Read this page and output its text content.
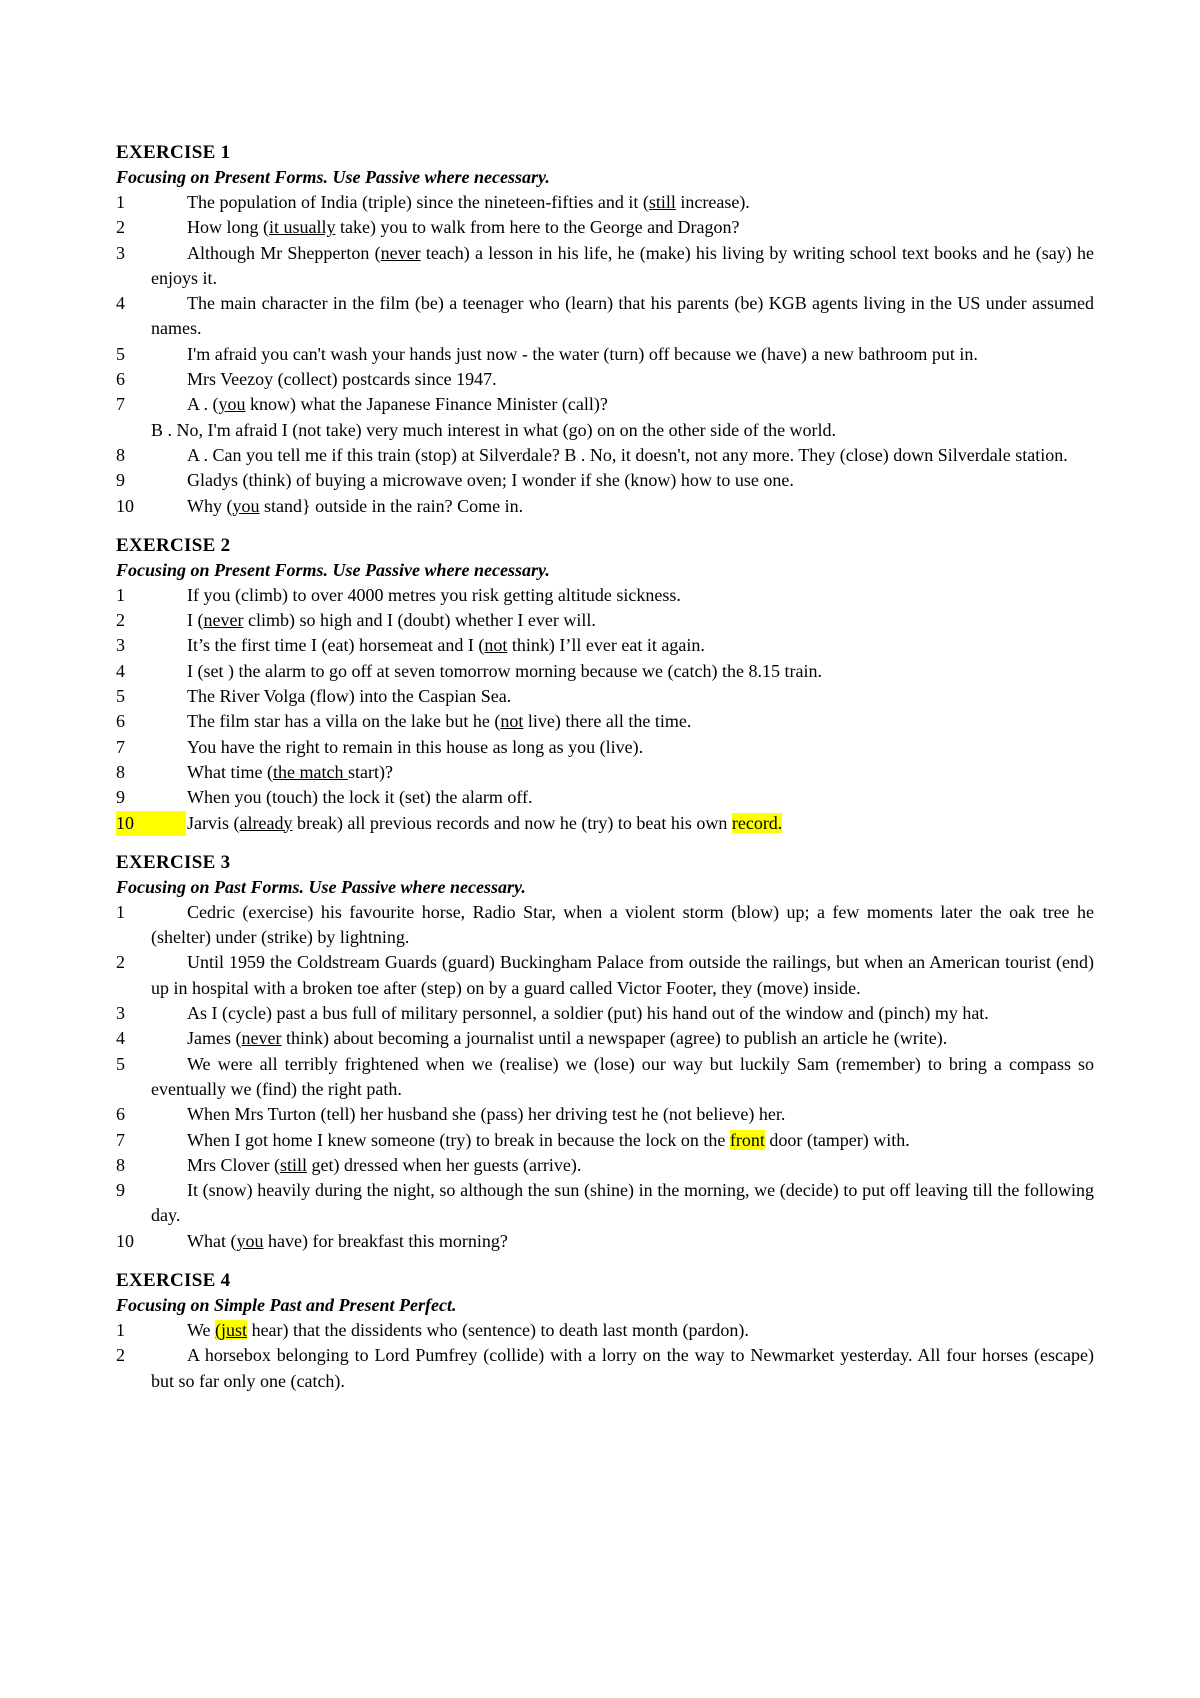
EXERCISE 1
Focusing on Present Forms. Use Passive where necessary.
1	The population of India (triple) since the nineteen-fifties and it (still increase).
2	How long (it usually take) you to walk from here to the George and Dragon?
3	Although Mr Shepperton (never teach) a lesson in his life, he (make) his living by writing school text books and he (say) he enjoys it.
4	The main character in the film (be) a teenager who (learn) that his parents (be) KGB agents living in the US under assumed names.
5	I'm afraid you can't wash your hands just now - the water (turn) off because we (have) a new bathroom put in.
6	Mrs Veezoy (collect) postcards since 1947.
7	A . (you know) what the Japanese Finance Minister (call)?
B . No, I'm afraid I (not take) very much interest in what (go) on on the other side of the world.
8	A . Can you tell me if this train (stop) at Silverdale? B . No, it doesn't, not any more. They (close) down Silverdale station.
9	Gladys (think) of buying a microwave oven; I wonder if she (know) how to use one.
10	Why (you stand} outside in the rain? Come in.
EXERCISE 2
Focusing on Present Forms. Use Passive where necessary.
1	If you (climb) to over 4000 metres you risk getting altitude sickness.
2	I (never climb) so high and I (doubt) whether I ever will.
3	It’s the first time I (eat) horsemeat and I (not think) I’ll ever eat it again.
4	I (set ) the alarm to go off at seven tomorrow morning because we (catch) the 8.15 train.
5	The River Volga (flow) into the Caspian Sea.
6	The film star has a villa on the lake but he (not live) there all the time.
7	You have the right to remain in this house as long as you (live).
8	What time (the match start)?
9	When you (touch) the lock it (set) the alarm off.
10	Jarvis (already break) all previous records and now he (try) to beat his own record.
EXERCISE 3
Focusing on Past Forms. Use Passive where necessary.
1	Cedric (exercise) his favourite horse, Radio Star, when a violent storm (blow) up; a few moments later the oak tree he (shelter) under (strike) by lightning.
2	Until 1959 the Coldstream Guards (guard) Buckingham Palace from outside the railings, but when an American tourist (end) up in hospital with a broken toe after (step) on by a guard called Victor Footer, they (move) inside.
3	As I (cycle) past a bus full of military personnel, a soldier (put) his hand out of the window and (pinch) my hat.
4	James (never think) about becoming a journalist until a newspaper (agree) to publish an article he (write).
5	We were all terribly frightened when we (realise) we (lose) our way but luckily Sam (remember) to bring a compass so eventually we (find) the right path.
6	When Mrs Turton (tell) her husband she (pass) her driving test he (not believe) her.
7	When I got home I knew someone (try) to break in because the lock on the front door (tamper) with.
8	Mrs Clover (still get) dressed when her guests (arrive).
9	It (snow) heavily during the night, so although the sun (shine) in the morning, we (decide) to put off leaving till the following day.
10	What (you have) for breakfast this morning?
EXERCISE 4
Focusing on Simple Past and Present Perfect.
1	We (just hear) that the dissidents who (sentence) to death last month (pardon).
2	A horsebox belonging to Lord Pumfrey (collide) with a lorry on the way to Newmarket yesterday. All four horses (escape) but so far only one (catch).
